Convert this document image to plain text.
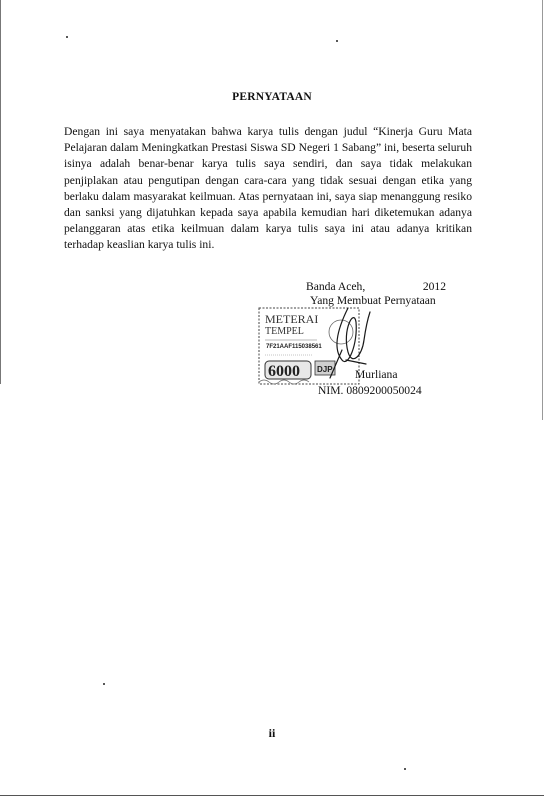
PERNYATAAN

Dengan ini saya menyatakan bahwa karya tulis dengan judul “Kinerja Guru Mata Pelajaran dalam Meningkatkan Prestasi Siswa SD Negeri 1 Sabang” ini, beserta seluruh isinya adalah benar-benar karya tulis saya sendiri, dan saya tidak melakukan penjiplakan atau pengutipan dengan cara-cara yang tidak sesuai dengan etika yang berlaku dalam masyarakat keilmuan. Atas pernyataan ini, saya siap menanggung resiko dan sanksi yang dijatuhkan kepada saya apabila kemudian hari diketemukan adanya pelanggaran atas etika keilmuan dalam karya tulis saya ini atau adanya kritikan terhadap keaslian karya tulis ini.

Banda Aceh,	2012
Yang Membuat Pernyataan
METERAI
TEMPEL
7F21AAF115038561
6000 DJP Murliana
NIM. 0809200050024
ii
